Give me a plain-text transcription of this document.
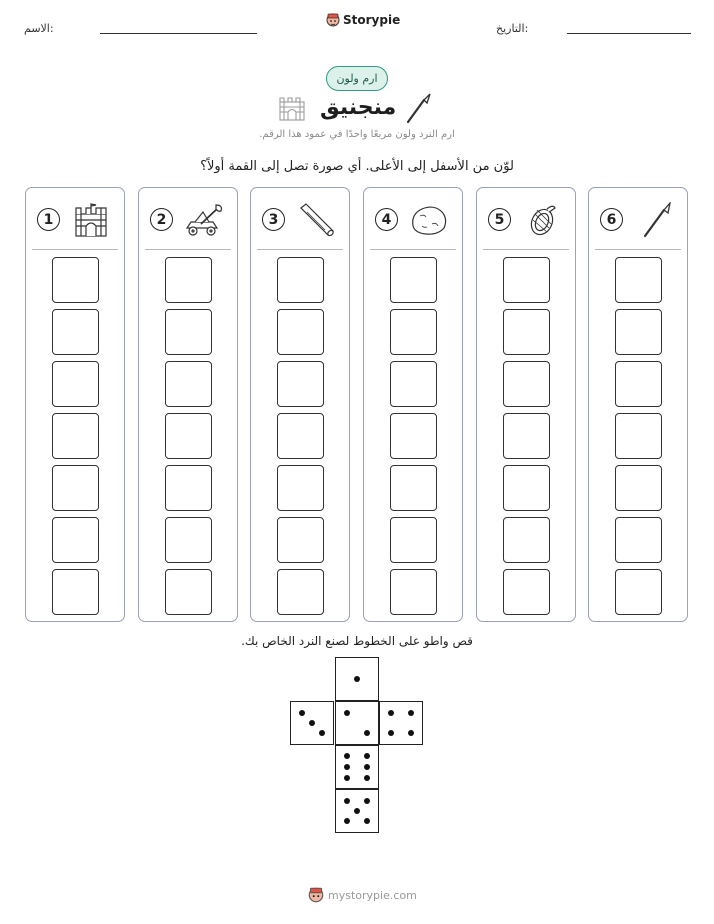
الاسم:
Storypie
التاريخ:
ارم ولون
منجنيق
ارم النرد ولون مربعًا واحدًا في عمود هذا الرقم.
لوّن من الأسفل إلى الأعلى. أي صورة تصل إلى القمة أولاً؟
1	2	3	4	5	6
قص واطو على الخطوط لصنع النرد الخاص بك.
mystorypie.com
